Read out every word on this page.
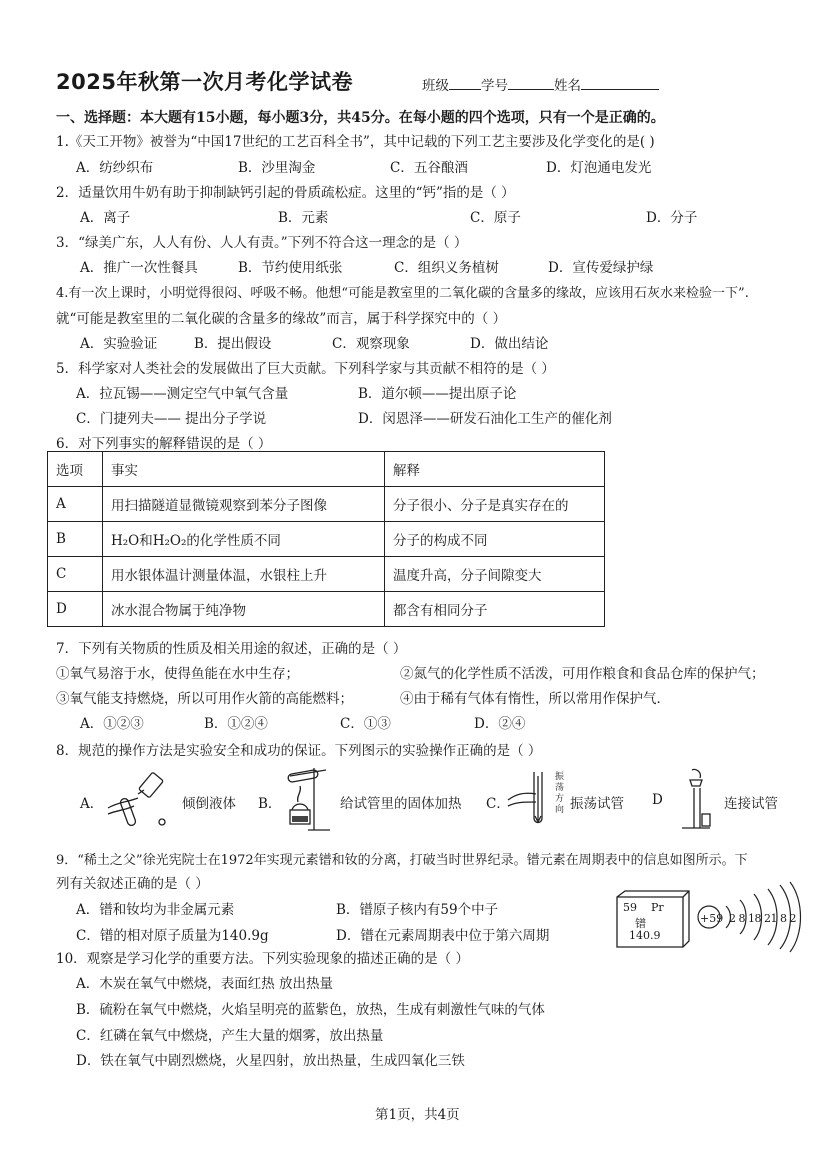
2025年秋第一次月考化学试卷	班级 学号	姓名
一、选择题：本大题有15小题，每小题3分，共45分。在每小题的四个选项，只有一个是正确的。
1.《天工开物》被誉为“中国17世纪的工艺百科全书”，其中记载的下列工艺主要涉及化学变化的是( )
A．纺纱织布	B．沙里淘金	C．五谷酿酒	D．灯泡通电发光
2．适量饮用牛奶有助于抑制缺钙引起的骨质疏松症。这里的“钙”指的是（ ）
A．离子	B．元素	C．原子	D．分子
3．“绿美广东，人人有份、人人有责。”下列不符合这一理念的是（ ）
A．推广一次性餐具	B．节约使用纸张	C．组织义务植树	D．宣传爱绿护绿
4.有一次上课时，小明觉得很闷、呼吸不畅。他想“可能是教室里的二氧化碳的含量多的缘故，应该用石灰水来检验一下”.
就“可能是教室里的二氧化碳的含量多的缘故”而言，属于科学探究中的（ ）
A．实验验证	B．提出假设	C．观察现象	D．做出结论
5．科学家对人类社会的发展做出了巨大贡献。下列科学家与其贡献不相符的是（ ）
A．拉瓦锡——测定空气中氧气含量	B．道尔顿——提出原子论
C．门捷列夫—— 提出分子学说	D．闵恩泽——研发石油化工生产的催化剂
6．对下列事实的解释错误的是（ ）
选项	事实	解释
A	用扫描隧道显微镜观察到苯分子图像	分子很小、分子是真实存在的
B	H₂O和H₂O₂的化学性质不同	分子的构成不同
C	用水银体温计测量体温，水银柱上升	温度升高，分子间隙变大
D	冰水混合物属于纯净物	都含有相同分子
7．下列有关物质的性质及相关用途的叙述，正确的是（ ）
①氧气易溶于水，使得鱼能在水中生存；	②氮气的化学性质不活泼，可用作粮食和食品仓库的保护气；
③氧气能支持燃烧，所以可用作火箭的高能燃料；	④由于稀有气体有惰性，所以常用作保护气．
A．①②③	B．①②④	C．①③	D．②④
8．规范的操作方法是实验安全和成功的保证。下列图示的实验操作正确的是（ ）
A．	倾倒液体 B．	给试管里的固体加热 C．
振荡方向 振荡试管 D	连接试管
9．“稀土之父”徐光宪院士在1972年实现元素镨和钕的分离，打破当时世界纪录。镨元素在周期表中的信息如图所示。下
列有关叙述正确的是（ ）
A．镨和钕均为非金属元素	B．镨原子核内有59个中子
C．镨的相对原子质量为140.9g	D．镨在元素周期表中位于第六周期
59 Pr
镨
140.9
+59 2 8 18 21 8 2
10．观察是学习化学的重要方法。下列实验现象的描述正确的是（ ）
A．木炭在氧气中燃烧，表面红热 放出热量
B．硫粉在氧气中燃烧，火焰呈明亮的蓝紫色，放热，生成有刺激性气味的气体
C．红磷在氧气中燃烧，产生大量的烟雾，放出热量
D．铁在氧气中剧烈燃烧，火星四射，放出热量，生成四氧化三铁
第1页，共4页
